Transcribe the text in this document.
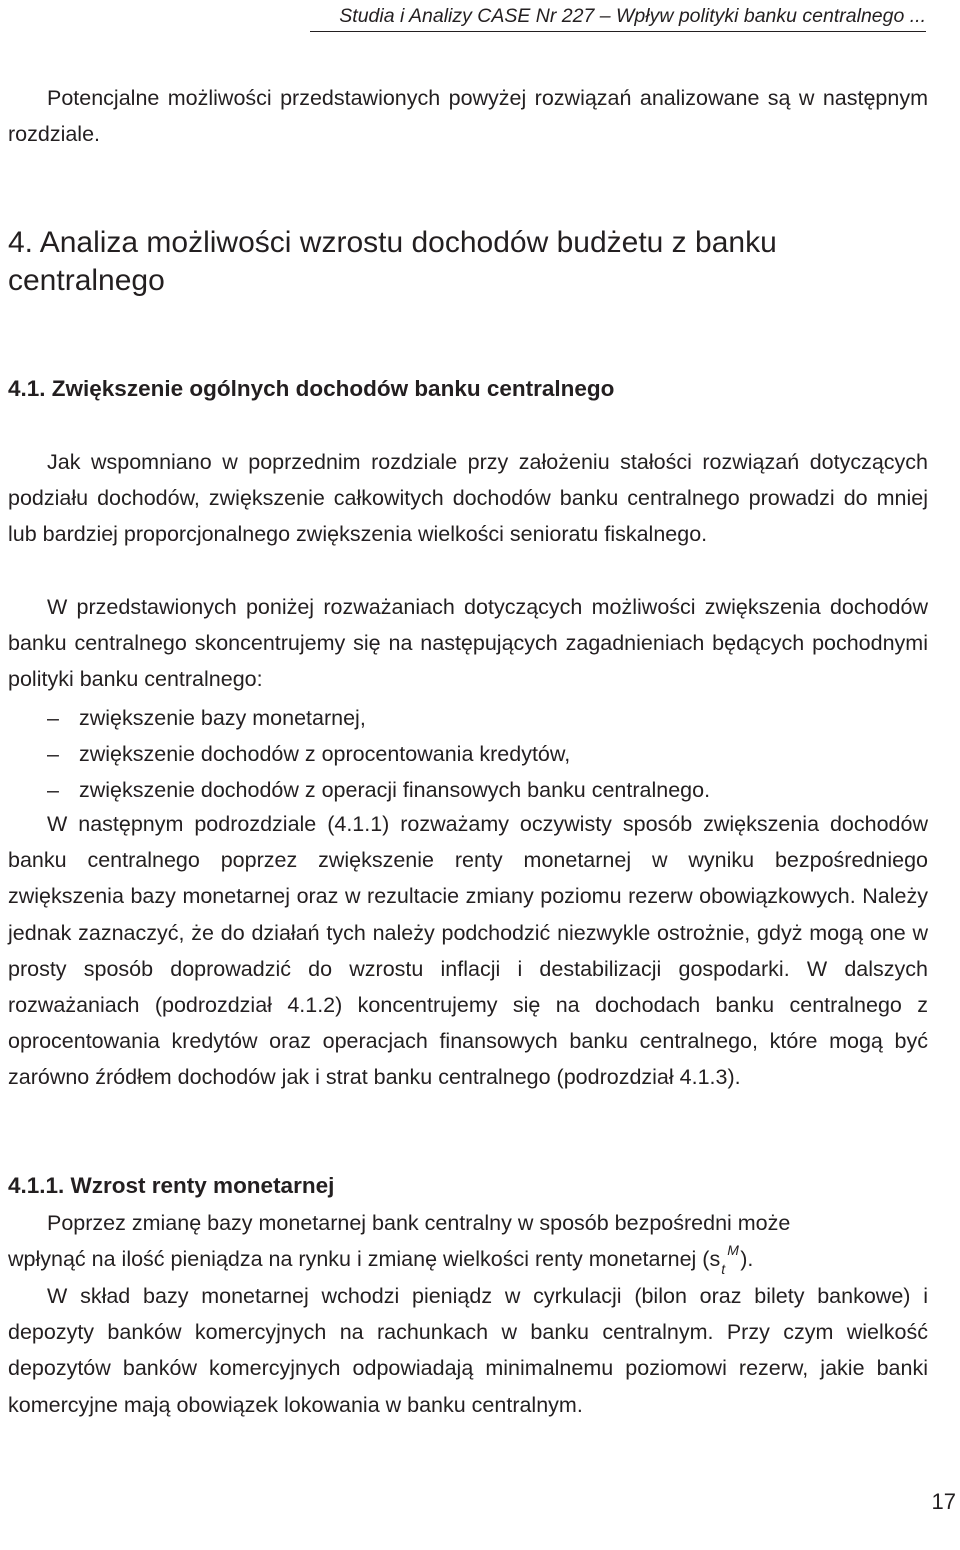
Studia i Analizy CASE Nr 227 – Wpływ polityki banku centralnego ...

Potencjalne możliwości przedstawionych powyżej rozwiązań analizowane są w następnym rozdziale.

4. Analiza możliwości wzrostu dochodów budżetu z banku centralnego
4.1. Zwiększenie ogólnych dochodów banku centralnego

Jak wspomniano w poprzednim rozdziale przy założeniu stałości rozwiązań dotyczących podziału dochodów, zwiększenie całkowitych dochodów banku centralnego prowadzi do mniej lub bardziej proporcjonalnego zwiększenia wielkości senioratu fiskalnego.

W przedstawionych poniżej rozważaniach dotyczących możliwości zwiększenia dochodów banku centralnego skoncentrujemy się na następujących zagadnieniach będących pochodnymi polityki banku centralnego:

– zwiększenie bazy monetarnej,
– zwiększenie dochodów z oprocentowania kredytów,
– zwiększenie dochodów z operacji finansowych banku centralnego.

W następnym podrozdziale (4.1.1) rozważamy oczywisty sposób zwiększenia dochodów banku centralnego poprzez zwiększenie renty monetarnej w wyniku bezpośredniego zwiększenia bazy monetarnej oraz w rezultacie zmiany poziomu rezerw obowiązkowych. Należy jednak zaznaczyć, że do działań tych należy podchodzić niezwykle ostrożnie, gdyż mogą one w prosty sposób doprowadzić do wzrostu inflacji i destabilizacji gospodarki. W dalszych rozważaniach (podrozdział 4.1.2) koncentrujemy się na dochodach banku centralnego z oprocentowania kredytów oraz operacjach finansowych banku centralnego, które mogą być zarówno źródłem dochodów jak i strat banku centralnego (podrozdział 4.1.3).

4.1.1. Wzrost renty monetarnej
Poprzez zmianę bazy monetarnej bank centralny w sposób bezpośredni może
wpłynąć na ilość pieniądza na rynku i zmianę wielkości renty monetarnej (s t
M ).

W skład bazy monetarnej wchodzi pieniądz w cyrkulacji (bilon oraz bilety bankowe) i depozyty banków komercyjnych na rachunkach w banku centralnym. Przy czym wielkość depozytów banków komercyjnych odpowiadają minimalnemu poziomowi rezerw, jakie banki komercyjne mają obowiązek lokowania w banku centralnym.

17
